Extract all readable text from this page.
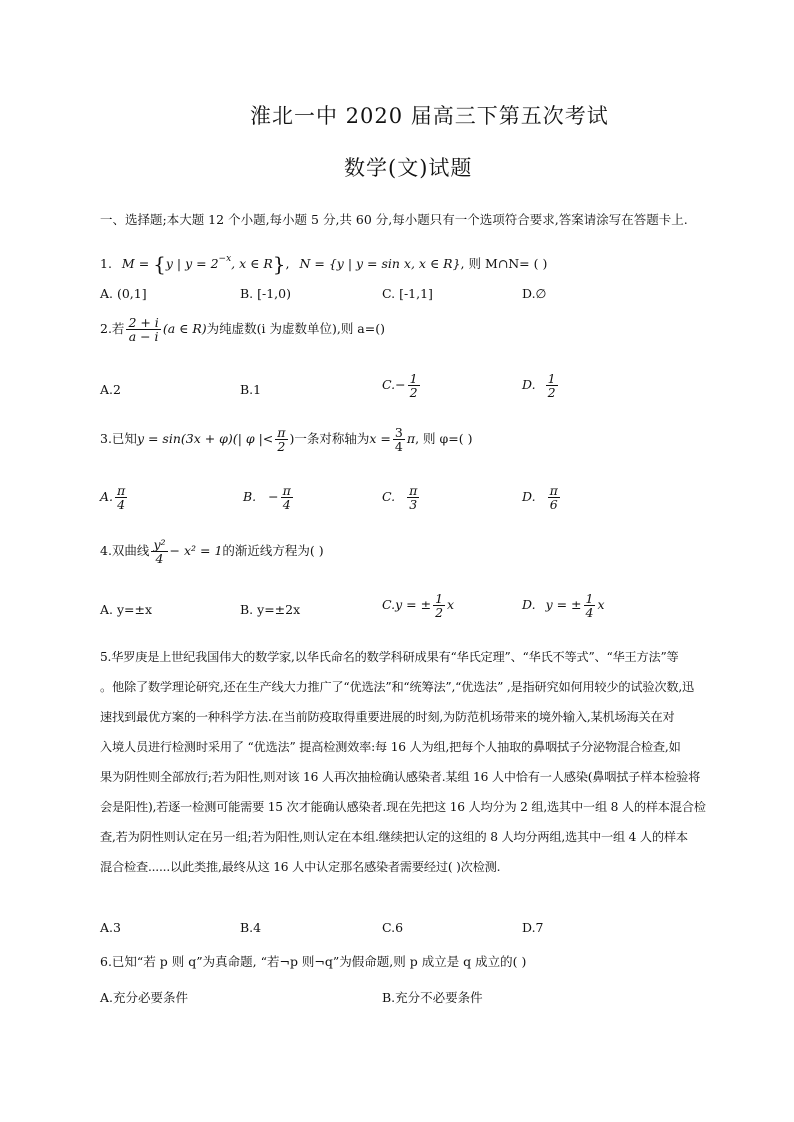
淮北一中 2020 届高三下第五次考试
数学(文)试题
一、选择题;本大题 12 个小题,每小题 5 分,共 60 分,每小题只有一个选项符合要求,答案请涂写在答题卡上.
1. M = {y | $y = 2^{-x}$, x ∈ R}, N = {y | y = sin x, x ∈ R}, 则 M∩N= ( )
A. (0,1]	B. [-1,0)	C. [-1,1]	D.∅
2.若 $\frac{2 + i}{a - i} (a$ ∈ R)为纯虚数(i 为虚数单位),则 a=()
A.2	B.1	$C.- \frac{1}{2}$	D. $\frac{1}{2}$
3.已知y = sin(3x + φ)(| φ |< $\frac{\pi}{2}$ )一条对称轴为$x = \frac{3}{4} \pi$, 则 φ=( )
A. $\frac{\pi}{4}$	B. − $\frac{\pi}{4}$	C. $\frac{\pi}{3}$	D. $\frac{\pi}{6}$
4.双曲线 $\frac{\text{y²}}{4} - x^2 = 1$的渐近线方程为( )
A. y=±x	B. y=±2x	C.y = ± $\frac{1}{2}$ x	D. y = ± $\frac{1}{4}$ x
5.华罗庚是上世纪我国伟大的数学家,以华氏命名的数学科研成果有“华氏定理”、“华氏不等式”、“华王方法”等
。他除了数学理论研究,还在生产线大力推广了“优选法”和“统筹法”,“优选法” ,是指研究如何用较少的试验次数,迅
速找到最优方案的一种科学方法.在当前防疫取得重要进展的时刻,为防范机场带来的境外输入,某机场海关在对
入境人员进行检测时采用了 “优选法” 提高检测效率:每 16 人为组,把每个人抽取的鼻咽拭子分泌物混合检查,如
果为阴性则全部放行;若为阳性,则对该 16 人再次抽检确认感染者.某组 16 人中恰有一人感染(鼻咽拭子样本检验将
会是阳性),若逐一检测可能需要 15 次才能确认感染者.现在先把这 16 人均分为 2 组,选其中一组 8 人的样本混合检
查,若为阴性则认定在另一组;若为阳性,则认定在本组.继续把认定的这组的 8 人均分两组,选其中一组 4 人的样本
混合检查......以此类推,最终从这 16 人中认定那名感染者需要经过( )次检测.
A.3	B.4	C.6	D.7
6.已知“若 p 则 q”为真命题, “若¬p 则¬q”为假命题,则 p 成立是 q 成立的( )
A.充分必要条件	B.充分不必要条件
